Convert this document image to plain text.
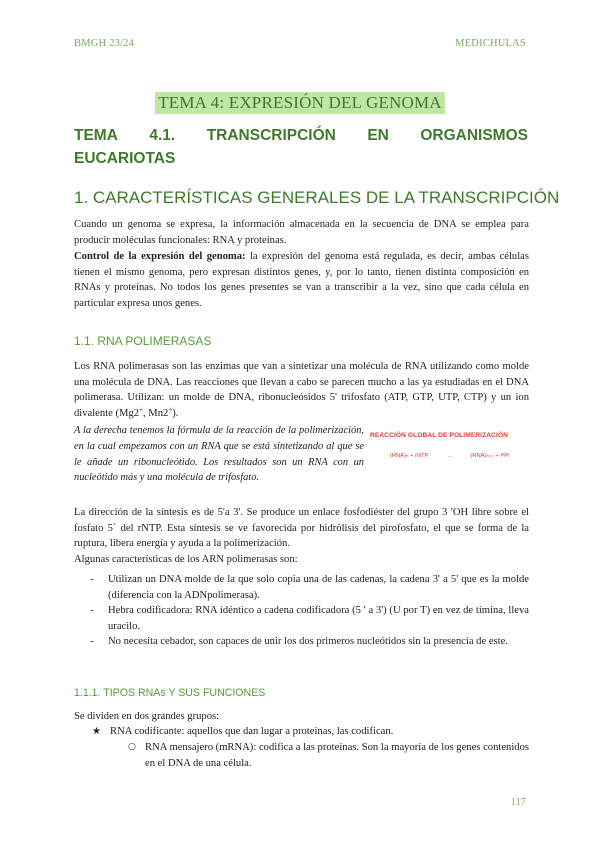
BMGH 23/24	MEDICHULAS
TEMA 4: EXPRESIÓN DEL GENOMA
TEMA 4.1. TRANSCRIPCIÓN EN ORGANISMOS
EUCARIOTAS
1. CARACTERÍSTICAS GENERALES DE LA TRANSCRIPCIÓN

Cuando un genoma se expresa, la información almacenada en la secuencia de DNA se emplea para producir moléculas funcionales: RNA y proteínas.

Control de la expresión del genoma: la expresión del genoma está regulada, es decir, ambas células tienen el mismo genoma, pero expresan distintos genes, y, por lo tanto, tienen distinta composición en RNAs y proteínas. No todos los genes presentes se van a transcribir a la vez, sino que cada célula en particular expresa unos genes.

1.1. RNA POLIMERASAS

Los RNA polimerasas son las enzimas que van a sintetizar una molécula de RNA utilizando como molde una molécula de DNA. Las reacciones que llevan a cabo se parecen mucho a las ya estudiadas en el DNA polimerasa. Utilizan: un molde de DNA, ribonucleósidos 5' trifosfato (ATP, GTP, UTP, CTP) y un ion divalente (Mg2+, Mn2+).

A la derecha tenemos la fórmula de la reacción de la polimerización, en la cual empezamos con un RNA que se está sintetizando al que se le añade un ribonucleótido. Los resultados son un RNA con un nucleótido más y una molécula de trifosfato.

REACCIÓN GLOBAL DE POLIMERIZACIÓN
(RNA)ₙ + rNTP	→	(RNA)ₙ₊₁ + PPi

La dirección de la síntesis es de 5'a 3'. Se produce un enlace fosfodiéster del grupo 3 'OH libre sobre el fosfato 5´ del rNTP. Esta síntesis se ve favorecida por hidrólisis del pirofosfato, el que se forma de la ruptura, libera energía y ayuda a la polimerización.

Algunas características de los ARN polimerasas son:

- Utilizan un DNA molde de la que solo copia una de las cadenas, la cadena 3' a 5' que es la molde (diferencia con la ADNpolimerasa).
- Hebra codificadora: RNA idéntico a cadena codificadora (5 ' a 3') (U por T) en vez de timina, lleva uracilo.
- No necesita cebador, son capaces de unir los dos primeros nucleótidos sin la presencia de este.
1.1.1. TIPOS RNAs Y SUS FUNCIONES

Se dividen en dos grandes grupos:

★ RNA codificante: aquellos que dan lugar a proteínas, las codifican.
○ RNA mensajero (mRNA): codifica a las proteínas. Son la mayoría de los genes contenidos en el DNA de una célula.
117
